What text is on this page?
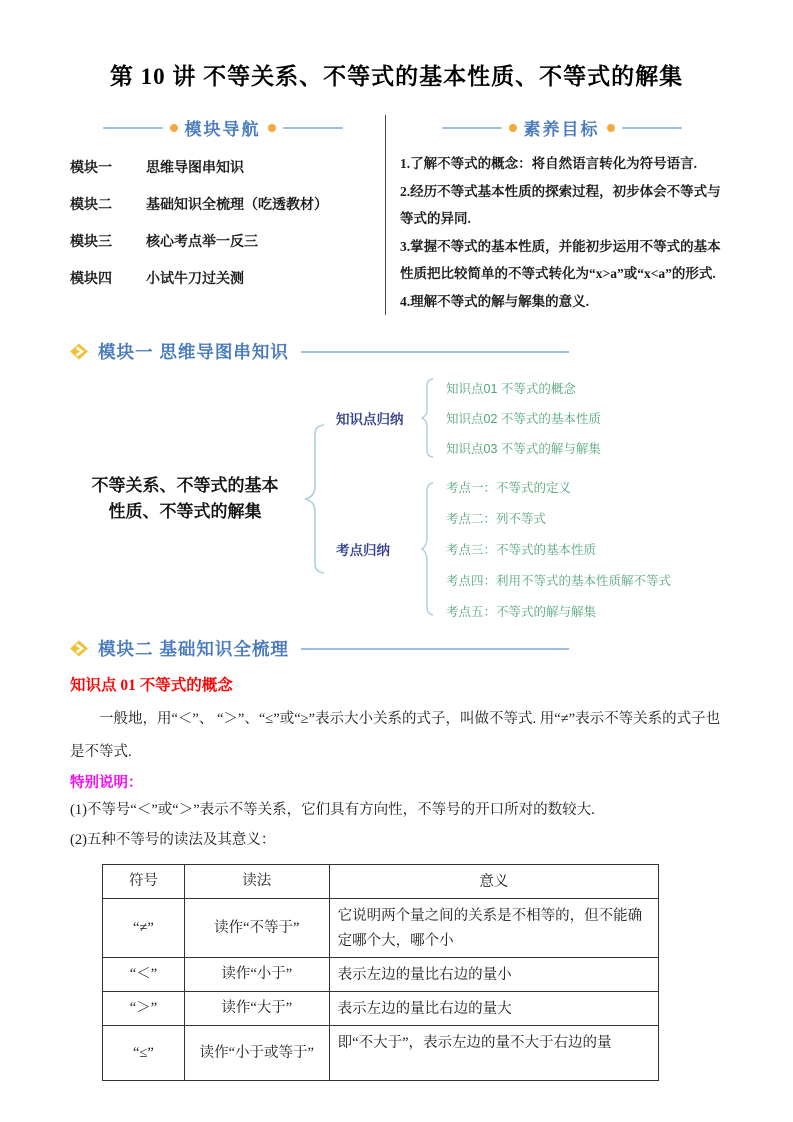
第 10 讲 不等关系、不等式的基本性质、不等式的解集
模块导航
模块一	思维导图串知识
模块二	基础知识全梳理（吃透教材）
模块三	核心考点举一反三
模块四	小试牛刀过关测
素养目标
1.了解不等式的概念：将自然语言转化为符号语言.
2.经历不等式基本性质的探索过程，初步体会不等式与等式的异同.
3.掌握不等式的基本性质，并能初步运用不等式的基本性质把比较简单的不等式转化为“x>a”或“x<a”的形式.
4.理解不等式的解与解集的意义.
模块一 思维导图串知识
不等关系、不等式的基本
性质、不等式的解集
知识点归纳
知识点01 不等式的概念
知识点02 不等式的基本性质
知识点03 不等式的解与解集
考点归纳
考点一：不等式的定义
考点二：列不等式
考点三：不等式的基本性质
考点四：利用不等式的基本性质解不等式
考点五：不等式的解与解集
模块二 基础知识全梳理
知识点 01 不等式的概念
一般地，用“＜”、 “＞”、“≤”或“≥”表示大小关系的式子，叫做不等式. 用“≠”表示不等关系的式子也是不等式.
特别说明：
(1)不等号“＜”或“＞”表示不等关系，它们具有方向性，不等号的开口所对的数较大.
(2)五种不等号的读法及其意义：
符号	读法	意义
“≠”	读作“不等于”	它说明两个量之间的关系是不相等的，但不能确定哪个大，哪个小
“＜”	读作“小于”	表示左边的量比右边的量小
“＞”	读作“大于”	表示左边的量比右边的量大
“≤”	读作“小于或等于”	即“不大于”，表示左边的量不大于右边的量
